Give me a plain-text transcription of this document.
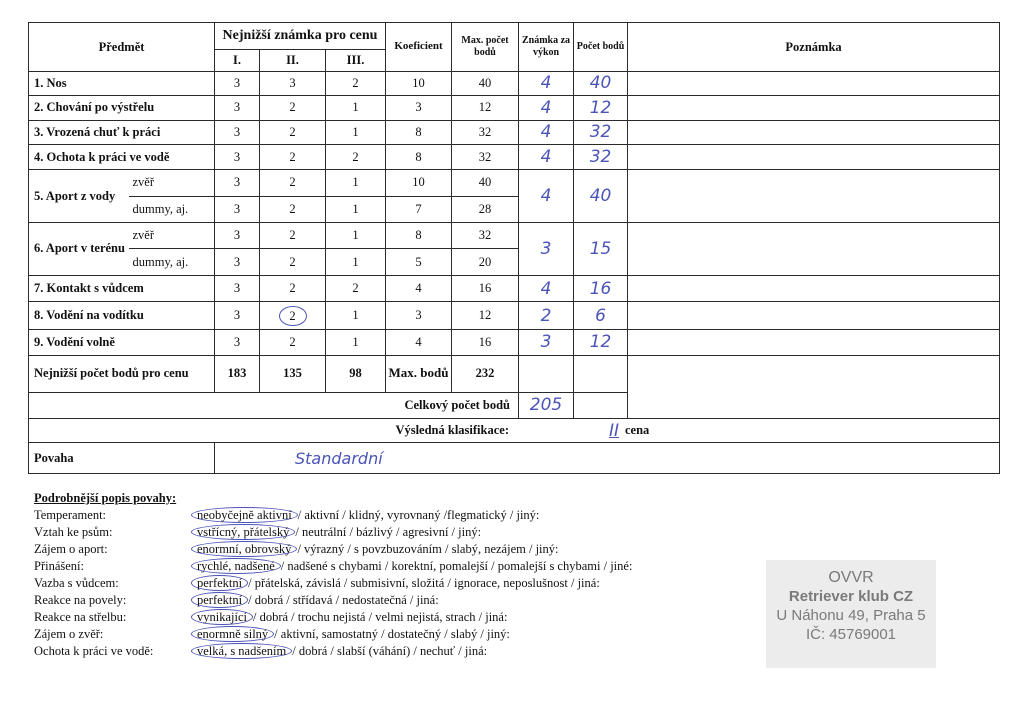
Předmět		Nejnižší známka pro cenu			Koeficient	Max. počet bodů	Známka za výkon	Počet bodů	Poznámka
		I.	II.	III.					
1. Nos		3	3	2	10	40	4	40	
2. Chování po výstřelu		3	2	1	3	12	4	12	
3. Vrozená chuť k práci		3	2	1	8	32	4	32	
4. Ochota k práci ve vodě		3	2	2	8	32	4	32	
5. Aport z vody	zvěř	3	2	1	10	40	4	40	
	dummy, aj.	3	2	1	7	28			
6. Aport v terénu	zvěř	3	2	1	8	32	3	15	
	dummy, aj.	3	2	1	5	20			
7. Kontakt s vůdcem		3	2	2	4	16	4	16	
8. Vodění na vodítku		3	2	1	3	12	2	6	
9. Vodění volně		3	2	1	4	16	3	12	
Nejnižší počet bodů pro cenu		183	135	98	Max. bodů	232			
Celkový počet bodů							205		

Výsledná klasifikace: II cena									

Povaha		Standardní							
Podrobnější popis povahy:
Temperament:	neobyčejně aktivní / aktivní / klidný, vyrovnaný /flegmatický / jiný:
Vztah ke psům:	vstřícný, přátelský / neutrální / bázlivý / agresivní / jiný:
Zájem o aport:	enormní, obrovský / výrazný / s povzbuzováním / slabý, nezájem / jiný:
Přinášení:	rychlé, nadšené / nadšené s chybami / korektní, pomalejší / pomalejší s chybami / jiné:
Vazba s vůdcem:	perfektní / přátelská, závislá / submisivní, složitá / ignorace, neposlušnost / jiná:
Reakce na povely:	perfektní / dobrá / střídavá / nedostatečná / jiná:
Reakce na střelbu:	vynikající / dobrá / trochu nejistá / velmi nejistá, strach / jiná:
Zájem o zvěř:	enormně silný / aktivní, samostatný / dostatečný / slabý / jiný:
Ochota k práci ve vodě:	velká, s nadšením / dobrá / slabší (váhání) / nechuť / jiná:
OVVR
Retriever klub CZ
U Náhonu 49, Praha 5
IČ: 45769001
